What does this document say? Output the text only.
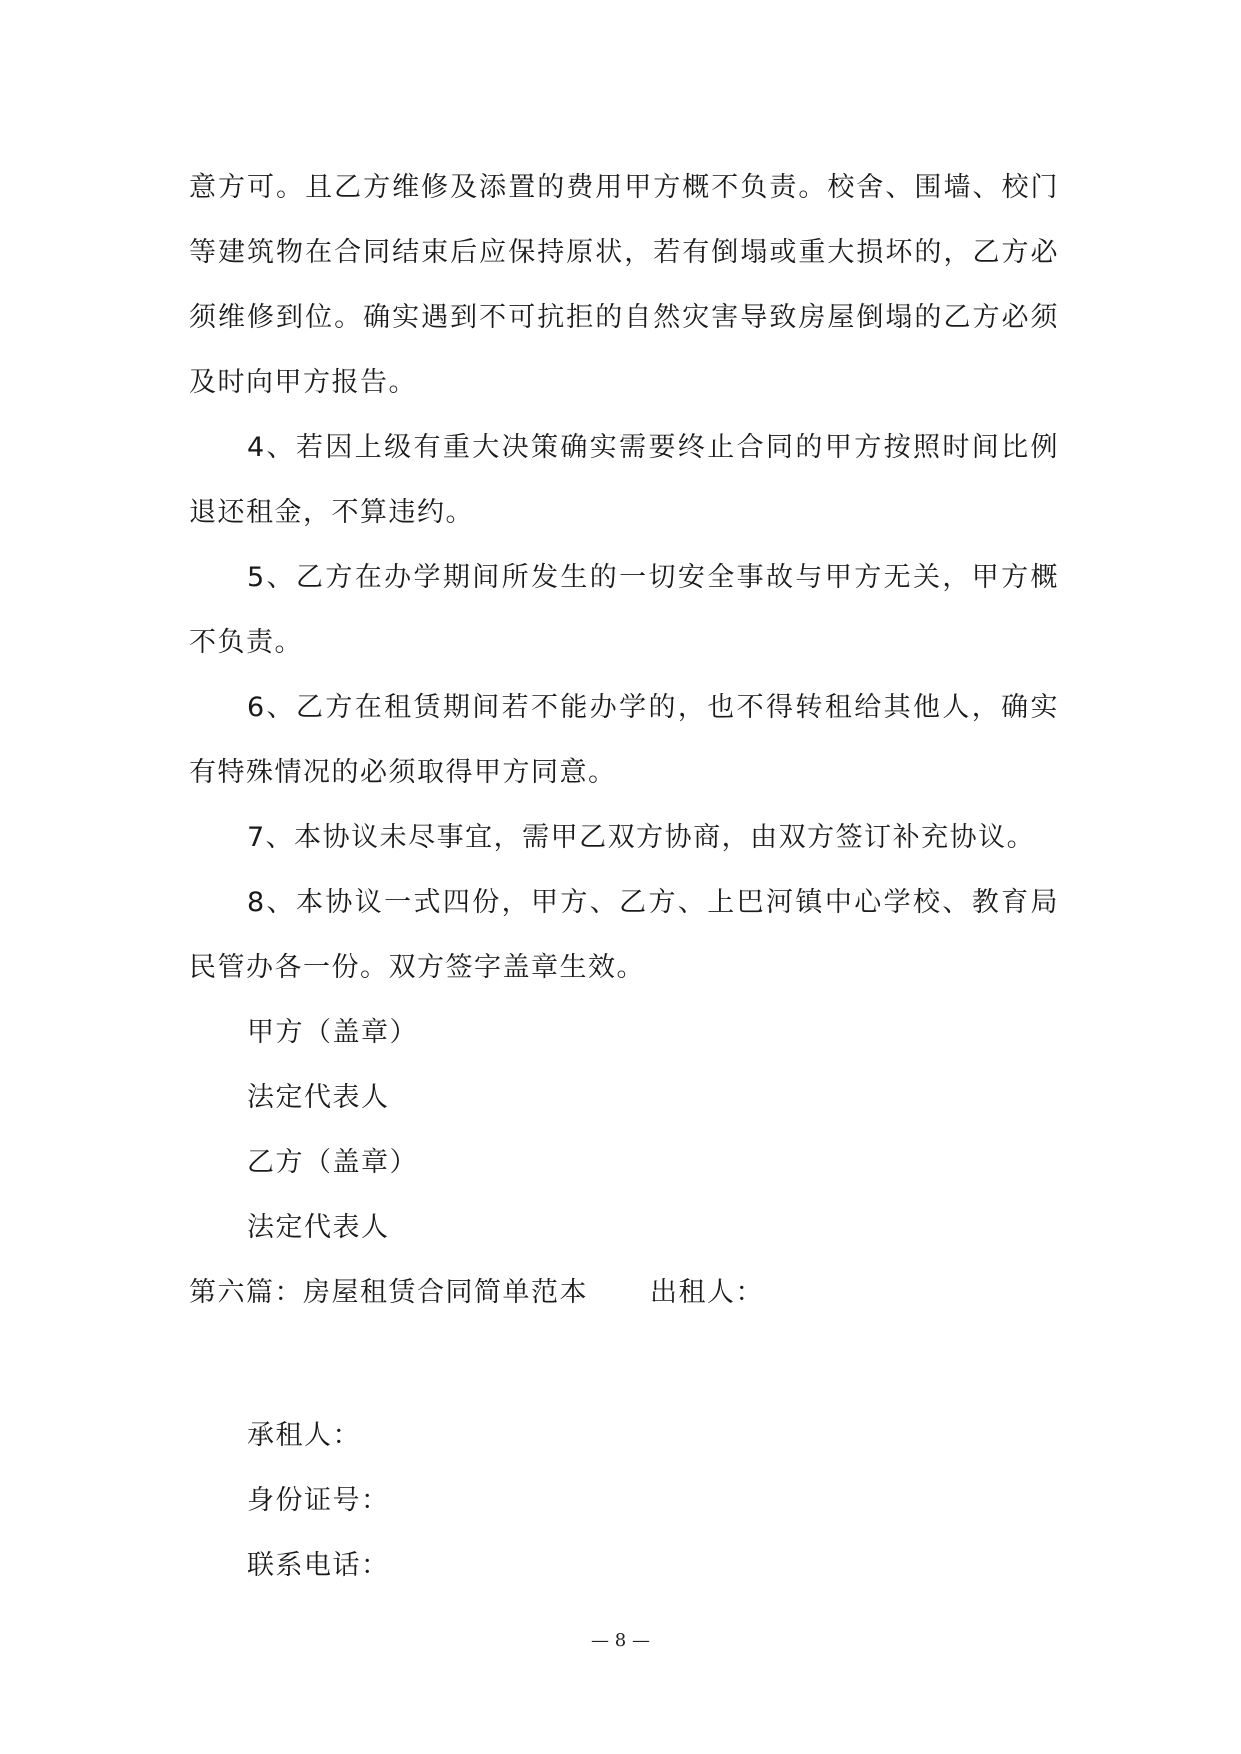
意方可。且乙方维修及添置的费用甲方概不负责。校舍、围墙、校门等建筑物在合同结束后应保持原状，若有倒塌或重大损坏的，乙方必须维修到位。确实遇到不可抗拒的自然灾害导致房屋倒塌的乙方必须及时向甲方报告。

4、若因上级有重大决策确实需要终止合同的甲方按照时间比例退还租金，不算违约。

5、乙方在办学期间所发生的一切安全事故与甲方无关，甲方概不负责。

6、乙方在租赁期间若不能办学的，也不得转租给其他人，确实有特殊情况的必须取得甲方同意。

7、本协议未尽事宜，需甲乙双方协商，由双方签订补充协议。

8、本协议一式四份，甲方、乙方、上巴河镇中心学校、教育局民管办各一份。双方签字盖章生效。

甲方（盖章）

法定代表人

乙方（盖章）

法定代表人

第六篇：房屋租赁合同简单范本 出租人：

承租人：

身份证号：

联系电话：

— 8 —
